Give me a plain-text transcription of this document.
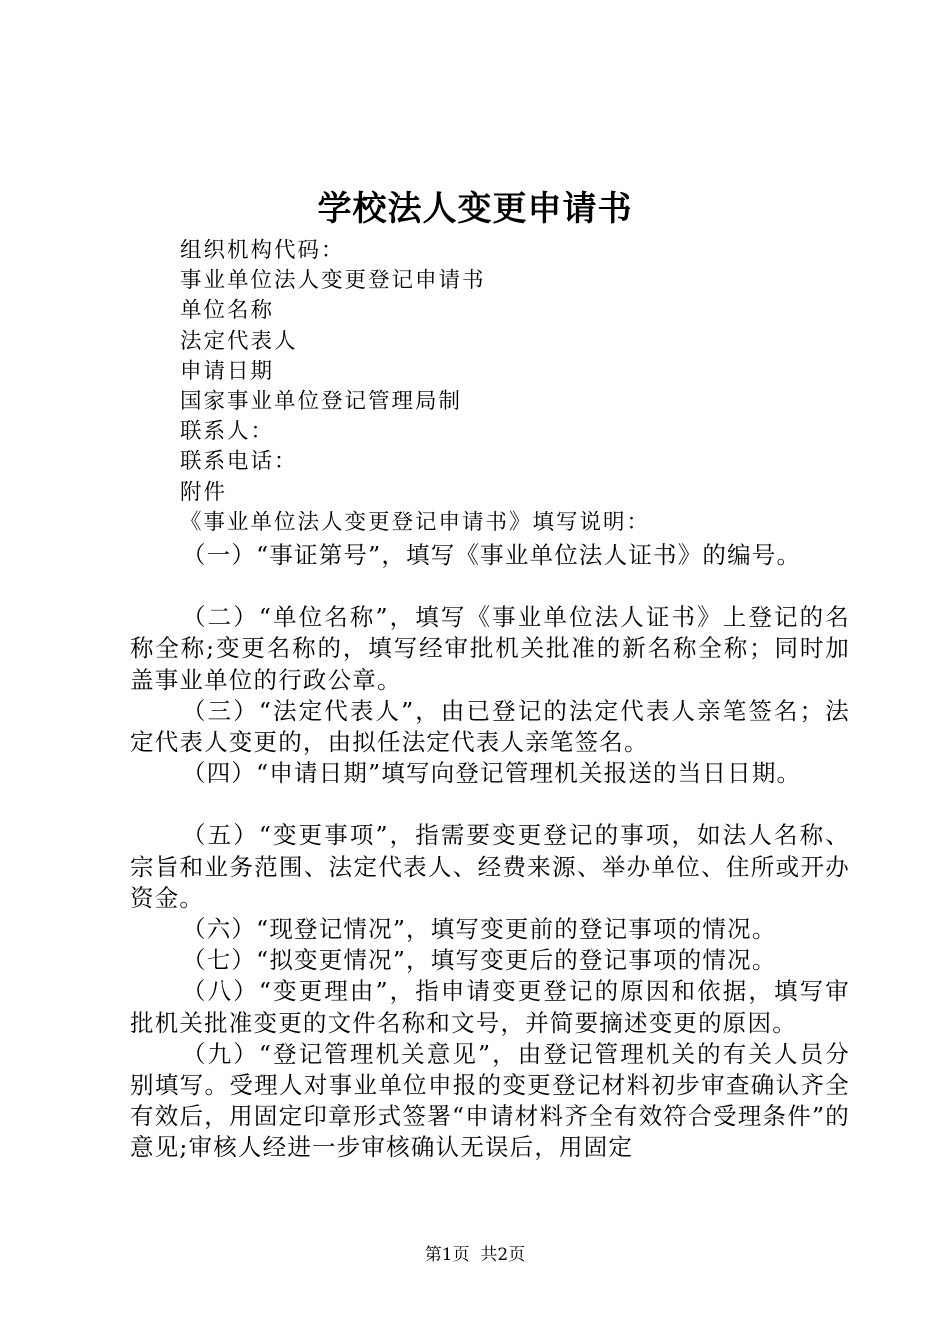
学校法人变更申请书
组织机构代码：
事业单位法人变更登记申请书
单位名称
法定代表人
申请日期
国家事业单位登记管理局制
联系人：
联系电话：
附件
《事业单位法人变更登记申请书》填写说明：

（一）“事证第号”，填写《事业单位法人证书》的编号。

（二）“单位名称”，填写《事业单位法人证书》上登记的名称全称;变更名称的，填写经审批机关批准的新名称全称；同时加盖事业单位的行政公章。

（三）“法定代表人”，由已登记的法定代表人亲笔签名；法定代表人变更的，由拟任法定代表人亲笔签名。

（四）“申请日期”填写向登记管理机关报送的当日日期。

（五）“变更事项”，指需要变更登记的事项，如法人名称、宗旨和业务范围、法定代表人、经费来源、举办单位、住所或开办资金。

（六）“现登记情况”，填写变更前的登记事项的情况。

（七）“拟变更情况”，填写变更后的登记事项的情况。

（八）“变更理由”，指申请变更登记的原因和依据，填写审批机关批准变更的文件名称和文号，并简要摘述变更的原因。

（九）“登记管理机关意见”，由登记管理机关的有关人员分别填写。受理人对事业单位申报的变更登记材料初步审查确认齐全有效后，用固定印章形式签署“申请材料齐全有效符合受理条件”的意见;审核人经进一步审核确认无误后，用固定

第1页  共2页
